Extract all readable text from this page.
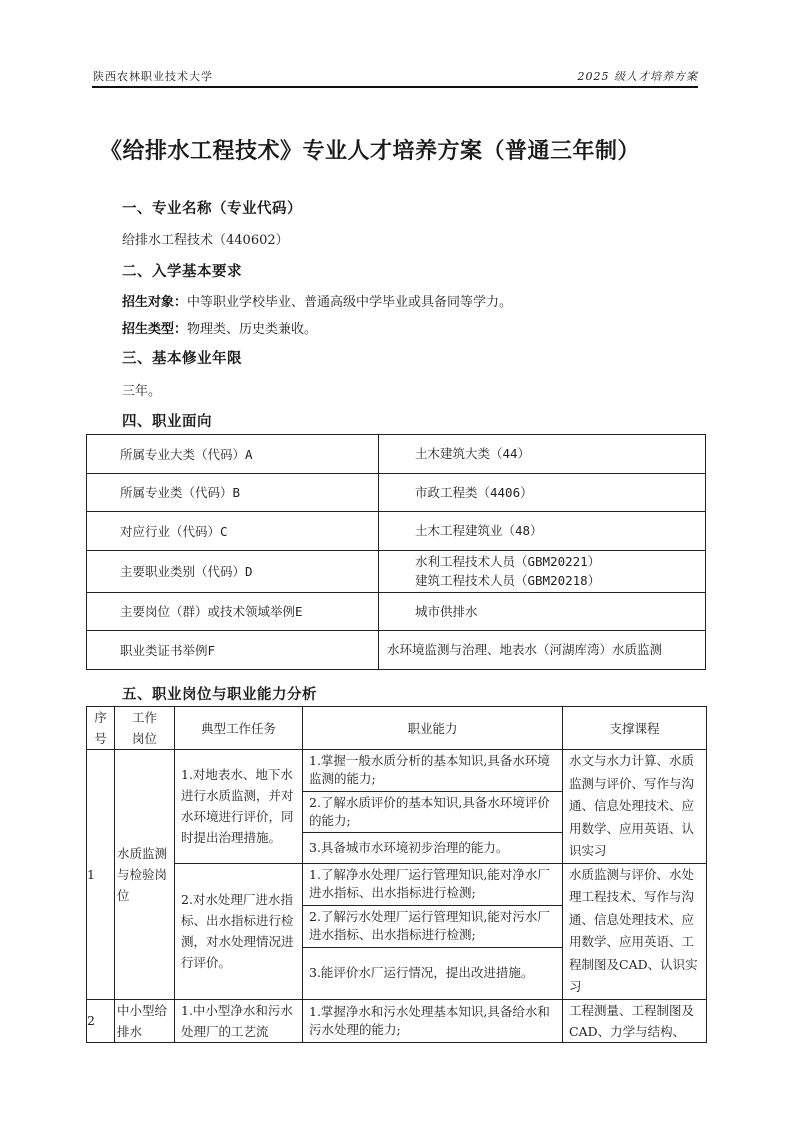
陕西农林职业技术大学	2025 级人才培养方案
《给排水工程技术》专业人才培养方案（普通三年制）
一、专业名称（专业代码）
给排水工程技术（440602）
二、入学基本要求
招生对象：中等职业学校毕业、普通高级中学毕业或具备同等学力。
招生类型：物理类、历史类兼收。
三、基本修业年限
三年。
四、职业面向
所属专业大类（代码）A	土木建筑大类（44）
所属专业类（代码）B	市政工程类（4406）
对应行业（代码）C	土木工程建筑业（48）
主要职业类别（代码）D	水利工程技术人员（GBM20221）
建筑工程技术人员（GBM20218）

主要岗位（群）或技术领域举例E	城市供排水
职业类证书举例F	水环境监测与治理、地表水（河湖库湾）水质监测
五、职业岗位与职业能力分析
序
号

工作
岗位
	典型工作任务	职业能力	支撑课程
1	水质监测与检验岗位	1.对地表水、地下水进行水质监测，并对水环境进行评价，同时提出治理措施。	1.掌握一般水质分析的基本知识,具备水环境监测的能力;	水文与水力计算、水质监测与评价、写作与沟通、信息处理技术、应用数学、应用英语、认识实习
			2.了解水质评价的基本知识,具备水环境评价的能力;	
			3.具备城市水环境初步治理的能力。	
		2.对水处理厂进水指标、出水指标进行检测，对水处理情况进行评价。	1.了解净水处理厂运行管理知识,能对净水厂进水指标、出水指标进行检测;	水质监测与评价、水处理工程技术、写作与沟通、信息处理技术、应用数学、应用英语、工程制图及CAD、认识实习
			2.了解污水处理厂运行管理知识,能对污水厂进水指标、出水指标进行检测;	
			3.能评价水厂运行情况，提出改进措施。	
2	中小型给排水	1.中小型净水和污水处理厂的工艺流	1.掌握净水和污水处理基本知识,具备给水和污水处理的能力;	工程测量、工程制图及CAD、力学与结构、
